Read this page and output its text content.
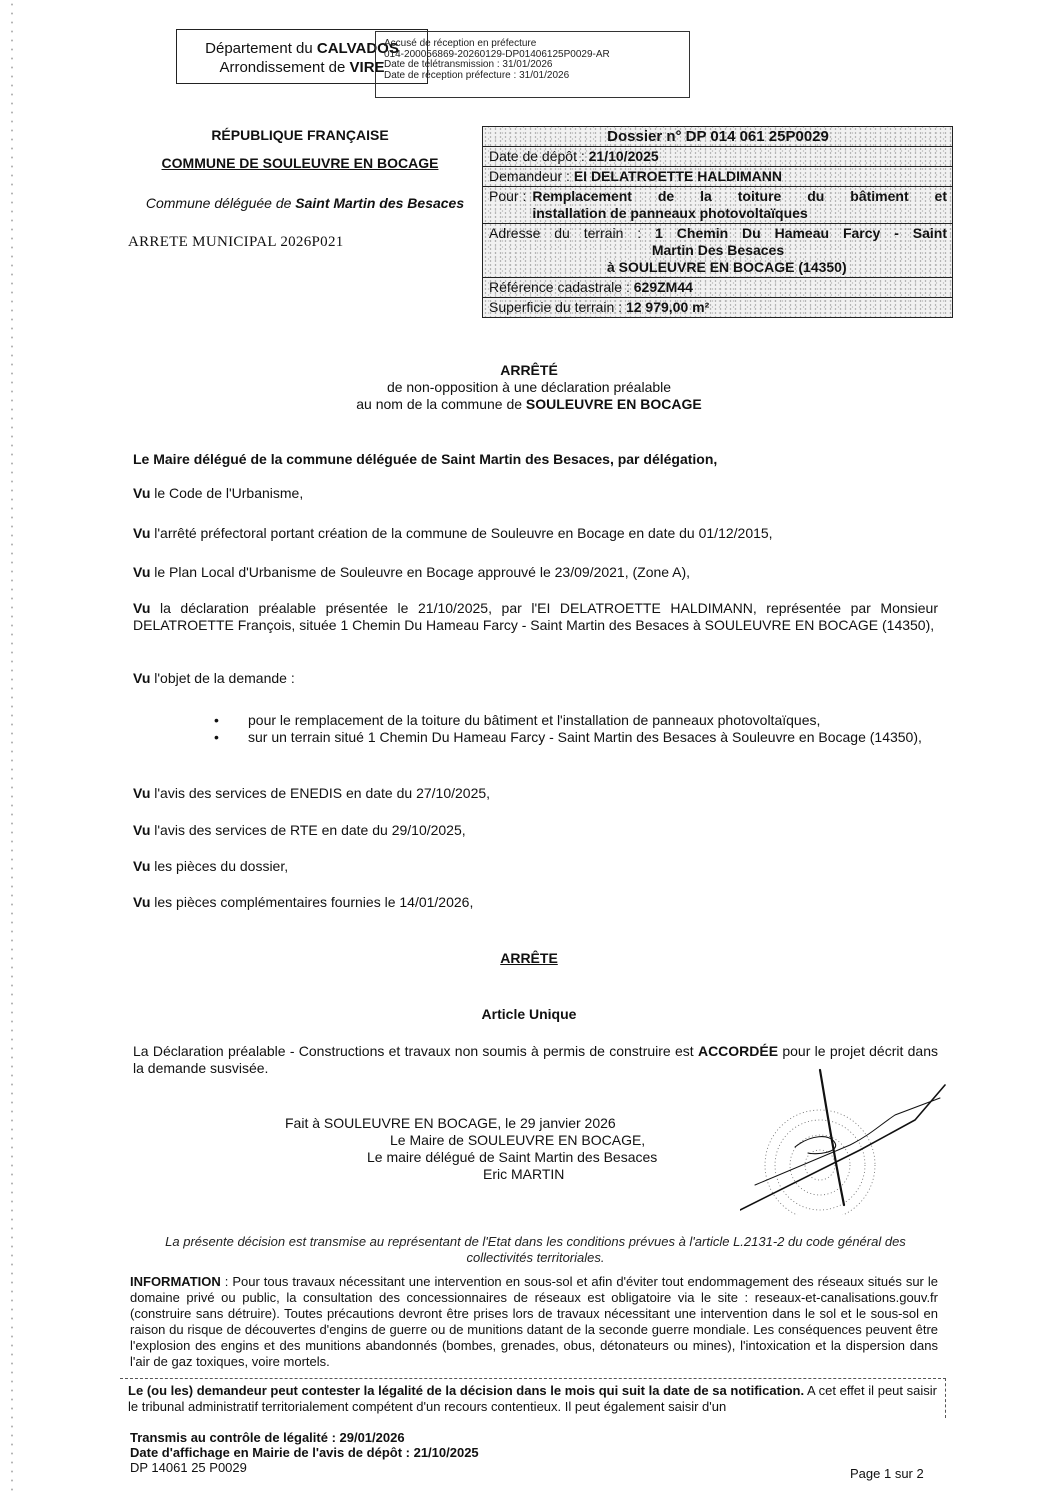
Département du CALVADOS
Arrondissement de VIRE
Accusé de réception en préfecture
014-200056869-20260129-DP01406125P0029-AR
Date de télétransmission : 31/01/2026
Date de réception préfecture : 31/01/2026
RÉPUBLIQUE FRANÇAISE
COMMUNE DE SOULEUVRE EN BOCAGE
Commune déléguée de Saint Martin des Besaces
ARRETE MUNICIPAL 2026P021
Dossier n° DP 014 061 25P0029
Date de dépôt : 21/10/2025
Demandeur : EI DELATROETTE HALDIMANN
Pour : Remplacement de la toiture du bâtiment et
installation de panneaux photovoltaïques
Adresse du terrain : 1 Chemin Du Hameau Farcy - Saint
Martin Des Besaces
à SOULEUVRE EN BOCAGE (14350)
Référence cadastrale : 629ZM44
Superficie du terrain : 12 979,00 m²
ARRÊTÉ
de non-opposition à une déclaration préalable
au nom de la commune de SOULEUVRE EN BOCAGE
Le Maire délégué de la commune déléguée de Saint Martin des Besaces, par délégation,
Vu le Code de l'Urbanisme,
Vu l'arrêté préfectoral portant création de la commune de Souleuvre en Bocage en date du 01/12/2015,
Vu le Plan Local d'Urbanisme de Souleuvre en Bocage approuvé le 23/09/2021, (Zone A),
Vu la déclaration préalable présentée le 21/10/2025, par l'EI DELATROETTE HALDIMANN, représentée par Monsieur DELATROETTE François, située 1 Chemin Du Hameau Farcy - Saint Martin des Besaces à SOULEUVRE EN BOCAGE (14350),
Vu l'objet de la demande :
• pour le remplacement de la toiture du bâtiment et l'installation de panneaux photovoltaïques,
• sur un terrain situé 1 Chemin Du Hameau Farcy - Saint Martin des Besaces à Souleuvre en Bocage (14350),
Vu l'avis des services de ENEDIS en date du 27/10/2025,
Vu l'avis des services de RTE en date du 29/10/2025,
Vu les pièces du dossier,
Vu les pièces complémentaires fournies le 14/01/2026,
ARRÊTE
Article Unique
La Déclaration préalable - Constructions et travaux non soumis à permis de construire est ACCORDÉE pour le projet décrit dans la demande susvisée.
Fait à SOULEUVRE EN BOCAGE, le 29 janvier 2026
Le Maire de SOULEUVRE EN BOCAGE,
Le maire délégué de Saint Martin des Besaces
Eric MARTIN
La présente décision est transmise au représentant de l'Etat dans les conditions prévues à l'article L.2131-2 du code général des collectivités territoriales.
INFORMATION : Pour tous travaux nécessitant une intervention en sous-sol et afin d'éviter tout endommagement des réseaux situés sur le domaine privé ou public, la consultation des concessionnaires de réseaux est obligatoire via le site : reseaux-et-canalisations.gouv.fr (construire sans détruire). Toutes précautions devront être prises lors de travaux nécessitant une intervention dans le sol et le sous-sol en raison du risque de découvertes d'engins de guerre ou de munitions datant de la seconde guerre mondiale. Les conséquences peuvent être l'explosion des engins et des munitions abandonnés (bombes, grenades, obus, détonateurs ou mines), l'intoxication et la dispersion dans l'air de gaz toxiques, voire mortels.
Le (ou les) demandeur peut contester la légalité de la décision dans le mois qui suit la date de sa notification. A cet effet il peut saisir le tribunal administratif territorialement compétent d'un recours contentieux. Il peut également saisir d'un
Transmis au contrôle de légalité : 29/01/2026
Date d'affichage en Mairie de l'avis de dépôt : 21/10/2025
DP 14061 25 P0029	Page 1 sur 2
